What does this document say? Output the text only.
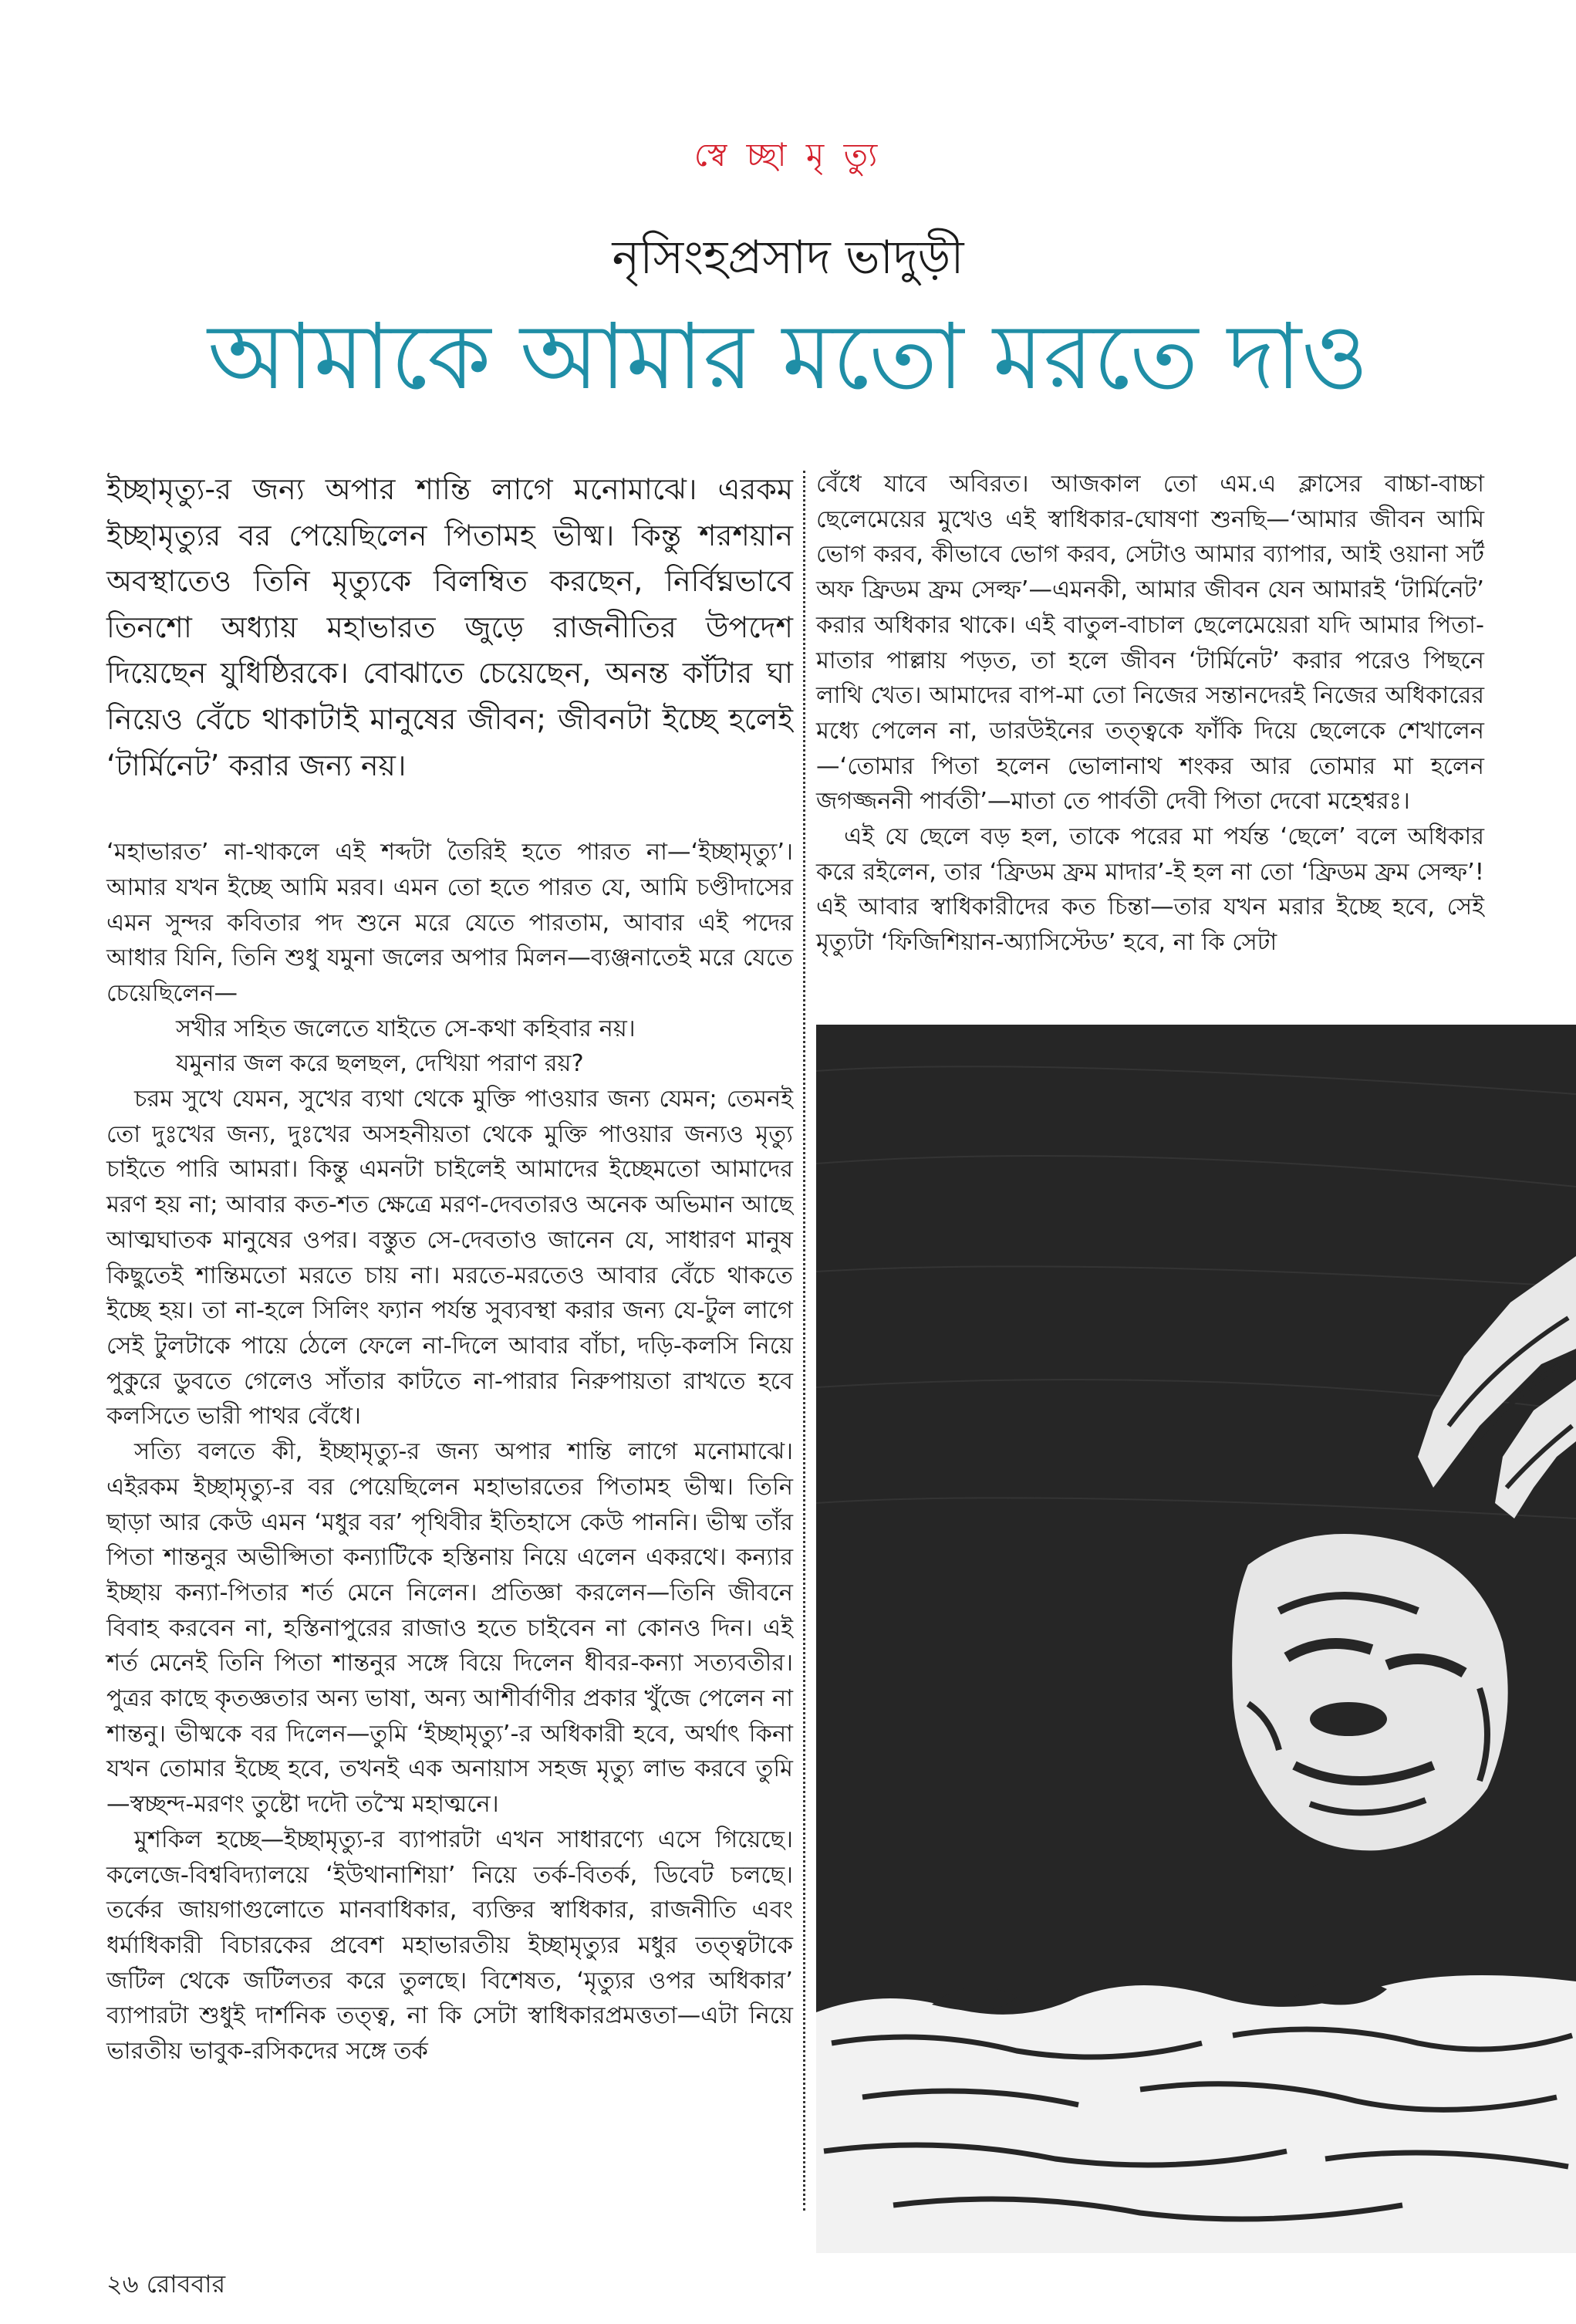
স্বে চ্ছা মৃ ত্যু
নৃসিংহপ্রসাদ ভাদুড়ী
আমাকে আমার মতো মরতে দাও

ইচ্ছামৃত্যু-র জন্য অপার শান্তি লাগে মনোমাঝে। এরকম ইচ্ছামৃত্যুর বর পেয়েছিলেন পিতামহ ভীষ্ম। কিন্তু শরশয়ান অবস্থাতেও তিনি মৃত্যুকে বিলম্বিত করছেন, নির্বিঘ্নভাবে তিনশো অধ্যায় মহাভারত জুড়ে রাজনীতির উপদেশ দিয়েছেন যুধিষ্ঠিরকে। বোঝাতে চেয়েছেন, অনন্ত কাঁটার ঘা নিয়েও বেঁচে থাকাটাই মানুষের জীবন; জীবনটা ইচ্ছে হলেই ‘টার্মিনেট’ করার জন্য নয়।

‘মহাভারত’ না-থাকলে এই শব্দটা তৈরিই হতে পারত না—‘ইচ্ছামৃত্যু’। আমার যখন ইচ্ছে আমি মরব। এমন তো হতে পারত যে, আমি চণ্ডীদাসের এমন সুন্দর কবিতার পদ শুনে মরে যেতে পারতাম, আবার এই পদের আধার যিনি, তিনি শুধু যমুনা জলের অপার মিলন—ব্যঞ্জনাতেই মরে যেতে চেয়েছিলেন—

সখীর সহিত জলেতে যাইতে সে-কথা কহিবার নয়।

যমুনার জল করে ছলছল, দেখিয়া পরাণ রয়?

চরম সুখে যেমন, সুখের ব্যথা থেকে মুক্তি পাওয়ার জন্য যেমন; তেমনই তো দুঃখের জন্য, দুঃখের অসহনীয়তা থেকে মুক্তি পাওয়ার জন্যও মৃত্যু চাইতে পারি আমরা। কিন্তু এমনটা চাইলেই আমাদের ইচ্ছেমতো আমাদের মরণ হয় না; আবার কত-শত ক্ষেত্রে মরণ-দেবতারও অনেক অভিমান আছে আত্মঘাতক মানুষের ওপর। বস্তুত সে-দেবতাও জানেন যে, সাধারণ মানুষ কিছুতেই শান্তিমতো মরতে চায় না। মরতে-মরতেও আবার বেঁচে থাকতে ইচ্ছে হয়। তা না-হলে সিলিং ফ্যান পর্যন্ত সুব্যবস্থা করার জন্য যে-টুল লাগে সেই টুলটাকে পায়ে ঠেলে ফেলে না-দিলে আবার বাঁচা, দড়ি-কলসি নিয়ে পুকুরে ডুবতে গেলেও সাঁতার কাটতে না-পারার নিরুপায়তা রাখতে হবে কলসিতে ভারী পাথর বেঁধে।

সত্যি বলতে কী, ইচ্ছামৃত্যু-র জন্য অপার শান্তি লাগে মনোমাঝে। এইরকম ইচ্ছামৃত্যু-র বর পেয়েছিলেন মহাভারতের পিতামহ ভীষ্ম। তিনি ছাড়া আর কেউ এমন ‘মধুর বর’ পৃথিবীর ইতিহাসে কেউ পাননি। ভীষ্ম তাঁর পিতা শান্তনুর অভীপ্সিতা কন্যাটিকে হস্তিনায় নিয়ে এলেন একরথে। কন্যার ইচ্ছায় কন্যা-পিতার শর্ত মেনে নিলেন। প্রতিজ্ঞা করলেন—তিনি জীবনে বিবাহ করবেন না, হস্তিনাপুরের রাজাও হতে চাইবেন না কোনও দিন। এই শর্ত মেনেই তিনি পিতা শান্তনুর সঙ্গে বিয়ে দিলেন ধীবর-কন্যা সত্যবতীর। পুত্রর কাছে কৃতজ্ঞতার অন্য ভাষা, অন্য আশীর্বাণীর প্রকার খুঁজে পেলেন না শান্তনু। ভীষ্মকে বর দিলেন—তুমি ‘ইচ্ছামৃত্যু’-র অধিকারী হবে, অর্থাৎ কিনা যখন তোমার ইচ্ছে হবে, তখনই এক অনায়াস সহজ মৃত্যু লাভ করবে তুমি—স্বচ্ছন্দ-মরণং তুষ্টো দদৌ তস্মৈ মহাত্মনে।

মুশকিল হচ্ছে—ইচ্ছামৃত্যু-র ব্যাপারটা এখন সাধারণ্যে এসে গিয়েছে। কলেজে-বিশ্ববিদ্যালয়ে ‘ইউথানাশিয়া’ নিয়ে তর্ক-বিতর্ক, ডিবেট চলছে। তর্কের জায়গাগুলোতে মানবাধিকার, ব্যক্তির স্বাধিকার, রাজনীতি এবং ধর্মাধিকারী বিচারকের প্রবেশ মহাভারতীয় ইচ্ছামৃত্যুর মধুর তত্ত্বটাকে জটিল থেকে জটিলতর করে তুলছে। বিশেষত, ‘মৃত্যুর ওপর অধিকার’ ব্যাপারটা শুধুই দার্শনিক তত্ত্ব, না কি সেটা স্বাধিকারপ্রমত্ততা—এটা নিয়ে ভারতীয় ভাবুক-রসিকদের সঙ্গে তর্ক

বেঁধে যাবে অবিরত। আজকাল তো এম.এ ক্লাসের বাচ্চা-বাচ্চা ছেলেমেয়ের মুখেও এই স্বাধিকার-ঘোষণা শুনছি—‘আমার জীবন আমি ভোগ করব, কীভাবে ভোগ করব, সেটাও আমার ব্যাপার, আই ওয়ানা সর্ট অফ ফ্রিডম ফ্রম সেল্ফ’—এমনকী, আমার জীবন যেন আমারই ‘টার্মিনেট’ করার অধিকার থাকে। এই বাতুল-বাচাল ছেলেমেয়েরা যদি আমার পিতা-মাতার পাল্লায় পড়ত, তা হলে জীবন ‘টার্মিনেট’ করার পরেও পিছনে লাথি খেত। আমাদের বাপ-মা তো নিজের সন্তানদেরই নিজের অধিকারের মধ্যে পেলেন না, ডারউইনের তত্ত্বকে ফাঁকি দিয়ে ছেলেকে শেখালেন—‘তোমার পিতা হলেন ভোলানাথ শংকর আর তোমার মা হলেন জগজ্জননী পার্বতী’—মাতা তে পার্বতী দেবী পিতা দেবো মহেশ্বরঃ।

এই যে ছেলে বড় হল, তাকে পরের মা পর্যন্ত ‘ছেলে’ বলে অধিকার করে রইলেন, তার ‘ফ্রিডম ফ্রম মাদার’-ই হল না তো ‘ফ্রিডম ফ্রম সেল্ফ’! এই আবার স্বাধিকারীদের কত চিন্তা—তার যখন মরার ইচ্ছে হবে, সেই মৃত্যুটা ‘ফিজিশিয়ান-অ্যাসিস্টেড’ হবে, না কি সেটা

২৬ রোববার
